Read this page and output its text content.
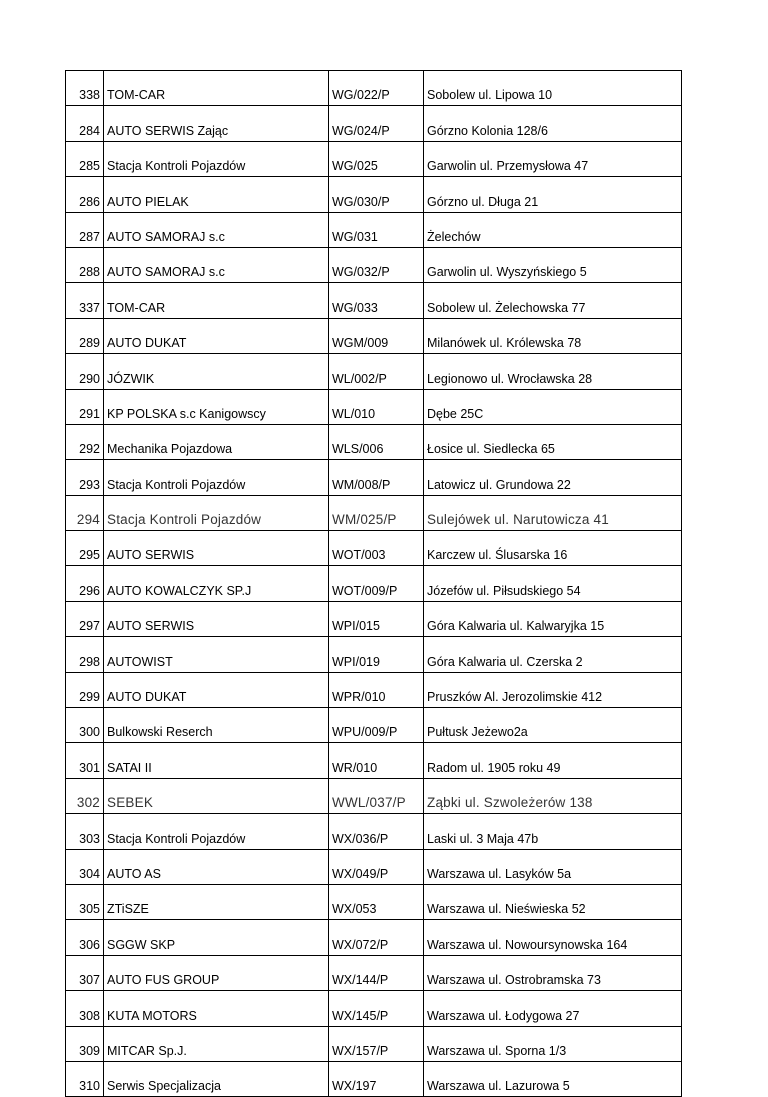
338	TOM-CAR	WG/022/P	Sobolew ul. Lipowa 10
284	AUTO SERWIS Zając	WG/024/P	Górzno Kolonia 128/6
285	Stacja Kontroli Pojazdów	WG/025	Garwolin ul. Przemysłowa 47
286	AUTO PIELAK	WG/030/P	Górzno ul. Długa 21
287	AUTO SAMORAJ s.c	WG/031	Żelechów
288	AUTO SAMORAJ s.c	WG/032/P	Garwolin ul. Wyszyńskiego 5
337	TOM-CAR	WG/033	Sobolew ul. Żelechowska 77
289	AUTO DUKAT	WGM/009	Milanówek ul. Królewska 78
290	JÓZWIK	WL/002/P	Legionowo ul. Wrocławska 28
291	KP POLSKA s.c Kanigowscy	WL/010	Dębe 25C
292	Mechanika Pojazdowa	WLS/006	Łosice ul. Siedlecka 65
293	Stacja Kontroli Pojazdów	WM/008/P	Latowicz ul. Grundowa 22
294	Stacja Kontroli Pojazdów	WM/025/P	Sulejówek ul. Narutowicza 41
295	AUTO SERWIS	WOT/003	Karczew ul. Ślusarska 16
296	AUTO KOWALCZYK SP.J	WOT/009/P	Józefów ul. Piłsudskiego 54
297	AUTO SERWIS	WPI/015	Góra Kalwaria ul. Kalwaryjka 15
298	AUTOWIST	WPI/019	Góra Kalwaria ul. Czerska 2
299	AUTO DUKAT	WPR/010	Pruszków Al. Jerozolimskie 412
300	Bulkowski Reserch	WPU/009/P	Pułtusk Jeżewo2a
301	SATAI II	WR/010	Radom ul. 1905 roku 49
302	SEBEK	WWL/037/P	Ząbki ul. Szwoleżerów 138
303	Stacja Kontroli Pojazdów	WX/036/P	Laski ul. 3 Maja 47b
304	AUTO AS	WX/049/P	Warszawa ul. Lasyków 5a
305	ZTiSZE	WX/053	Warszawa ul. Nieświeska 52
306	SGGW SKP	WX/072/P	Warszawa ul. Nowoursynowska 164
307	AUTO FUS GROUP	WX/144/P	Warszawa ul. Ostrobramska 73
308	KUTA MOTORS	WX/145/P	Warszawa ul. Łodygowa 27
309	MITCAR Sp.J.	WX/157/P	Warszawa ul. Sporna 1/3
310	Serwis Specjalizacja	WX/197	Warszawa ul. Lazurowa 5
